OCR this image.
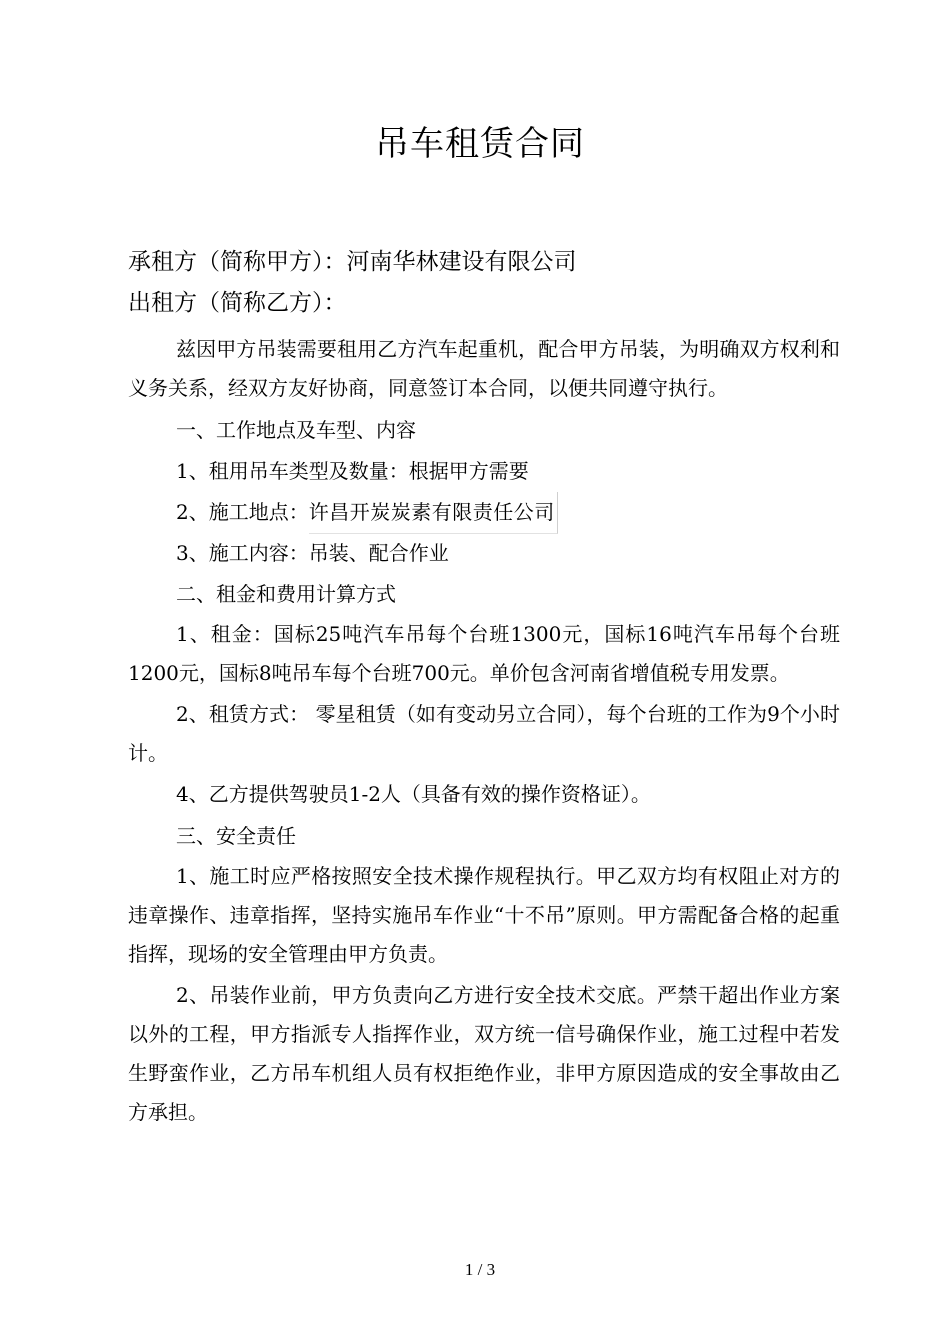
吊车租赁合同
承租方（简称甲方）：河南华林建设有限公司
出租方（简称乙方）：

兹因甲方吊装需要租用乙方汽车起重机，配合甲方吊装，为明确双方权利和义务关系，经双方友好协商，同意签订本合同，以便共同遵守执行。

一、工作地点及车型、内容

1、租用吊车类型及数量：根据甲方需要

2、施工地点：许昌开炭炭素有限责任公司

3、施工内容：吊装、配合作业

二、租金和费用计算方式

1、租金：国标25吨汽车吊每个台班1300元，国标16吨汽车吊每个台班1200元，国标8吨吊车每个台班700元。单价包含河南省增值税专用发票。

2、租赁方式： 零星租赁（如有变动另立合同），每个台班的工作为9个小时计。

4、乙方提供驾驶员1-2人（具备有效的操作资格证）。

三、安全责任

1、施工时应严格按照安全技术操作规程执行。甲乙双方均有权阻止对方的违章操作、违章指挥，坚持实施吊车作业“十不吊”原则。甲方需配备合格的起重指挥，现场的安全管理由甲方负责。

2、吊装作业前，甲方负责向乙方进行安全技术交底。严禁干超出作业方案以外的工程，甲方指派专人指挥作业，双方统一信号确保作业，施工过程中若发生野蛮作业，乙方吊车机组人员有权拒绝作业，非甲方原因造成的安全事故由乙方承担。

1 / 3
